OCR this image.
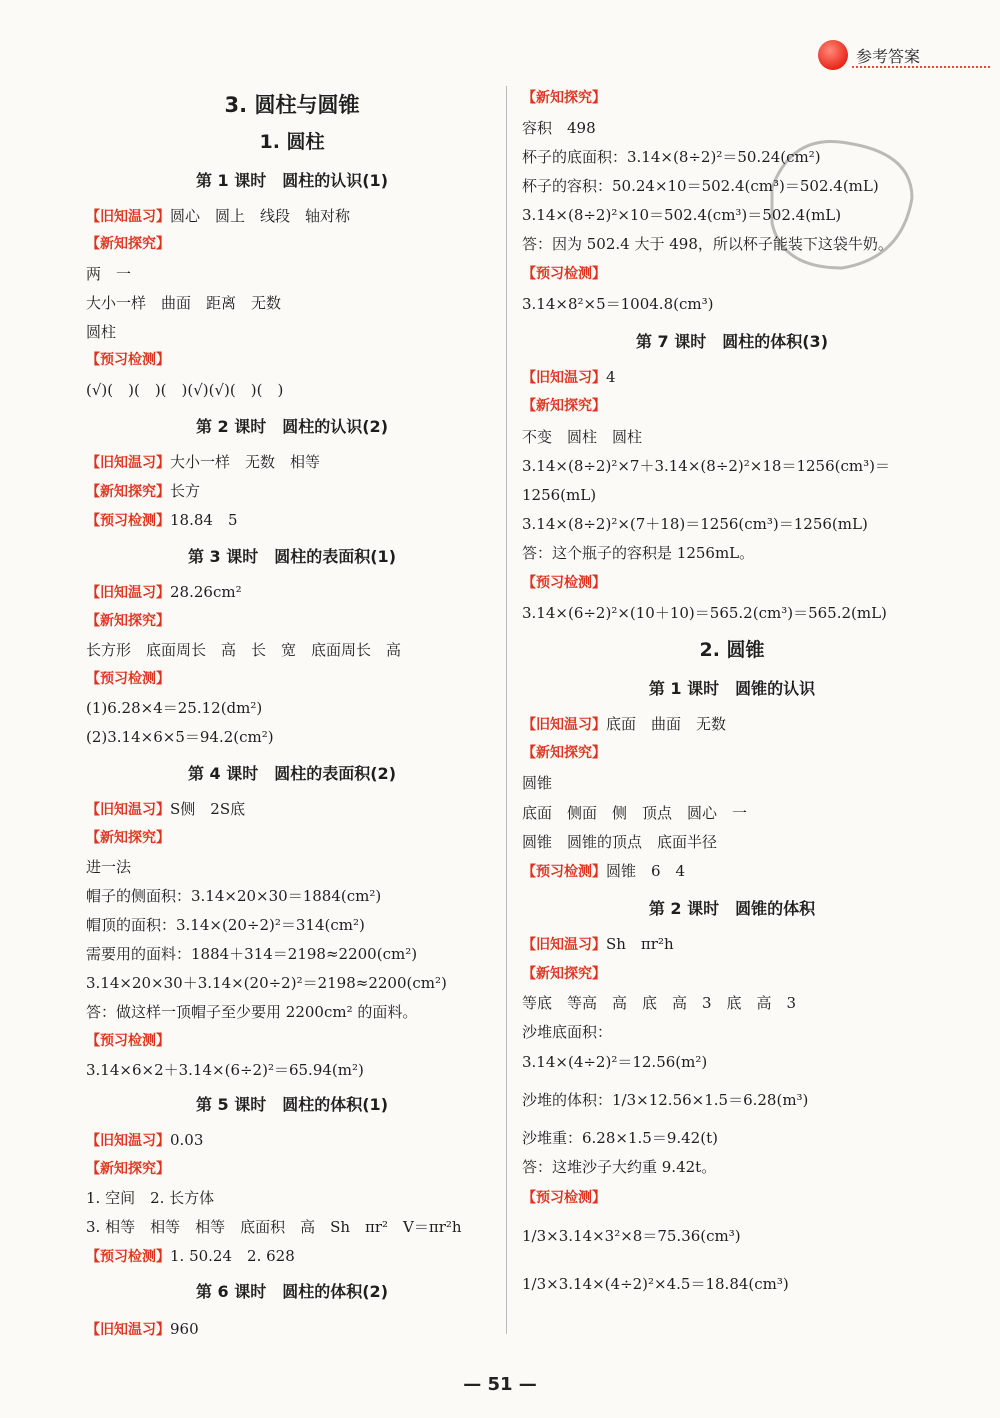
参考答案
3. 圆柱与圆锥
1. 圆柱
第 1 课时　圆柱的认识(1)
【旧知温习】圆心　圆上　线段　轴对称
【新知探究】
两　一
大小一样　曲面　距离　无数
圆柱
【预习检测】
(√)(　)(　)(　)(√)(√)(　)(　)
第 2 课时　圆柱的认识(2)
【旧知温习】大小一样　无数　相等
【新知探究】长方
【预习检测】18.84　5
第 3 课时　圆柱的表面积(1)
【旧知温习】28.26cm²
【新知探究】
长方形　底面周长　高　长　宽　底面周长　高
【预习检测】
(1)6.28×4＝25.12(dm²)
(2)3.14×6×5＝94.2(cm²)
第 4 课时　圆柱的表面积(2)
【旧知温习】S侧　2S底
【新知探究】
进一法
帽子的侧面积：3.14×20×30＝1884(cm²)
帽顶的面积：3.14×(20÷2)²＝314(cm²)
需要用的面料：1884＋314＝2198≈2200(cm²)
3.14×20×30＋3.14×(20÷2)²＝2198≈2200(cm²)
答：做这样一顶帽子至少要用 2200cm² 的面料。
【预习检测】
3.14×6×2＋3.14×(6÷2)²＝65.94(m²)
第 5 课时　圆柱的体积(1)
【旧知温习】0.03
【新知探究】
1. 空间　2. 长方体
3. 相等　相等　相等　底面积　高　Sh　πr²　V＝πr²h
【预习检测】1. 50.24　2. 628
第 6 课时　圆柱的体积(2)
【旧知温习】960
【新知探究】
容积　498
杯子的底面积：3.14×(8÷2)²＝50.24(cm²)
杯子的容积：50.24×10＝502.4(cm³)＝502.4(mL)
3.14×(8÷2)²×10＝502.4(cm³)＝502.4(mL)
答：因为 502.4 大于 498，所以杯子能装下这袋牛奶。
【预习检测】
3.14×8²×5＝1004.8(cm³)
第 7 课时　圆柱的体积(3)
【旧知温习】4
【新知探究】
不变　圆柱　圆柱
3.14×(8÷2)²×7＋3.14×(8÷2)²×18＝1256(cm³)＝
1256(mL)
3.14×(8÷2)²×(7＋18)＝1256(cm³)＝1256(mL)
答：这个瓶子的容积是 1256mL。
【预习检测】
3.14×(6÷2)²×(10＋10)＝565.2(cm³)＝565.2(mL)
2. 圆锥
第 1 课时　圆锥的认识
【旧知温习】底面　曲面　无数
【新知探究】
圆锥
底面　侧面　侧　顶点　圆心　一
圆锥　圆锥的顶点　底面半径
【预习检测】圆锥　6　4
第 2 课时　圆锥的体积
【旧知温习】Sh　πr²h
【新知探究】
等底　等高　高　底　高　3　底　高　3
沙堆底面积：
3.14×(4÷2)²＝12.56(m²)
沙堆的体积：1/3×12.56×1.5＝6.28(m³)
沙堆重：6.28×1.5＝9.42(t)
答：这堆沙子大约重 9.42t。
【预习检测】
1/3×3.14×3²×8＝75.36(cm³)
1/3×3.14×(4÷2)²×4.5＝18.84(cm³)
— 51 —
